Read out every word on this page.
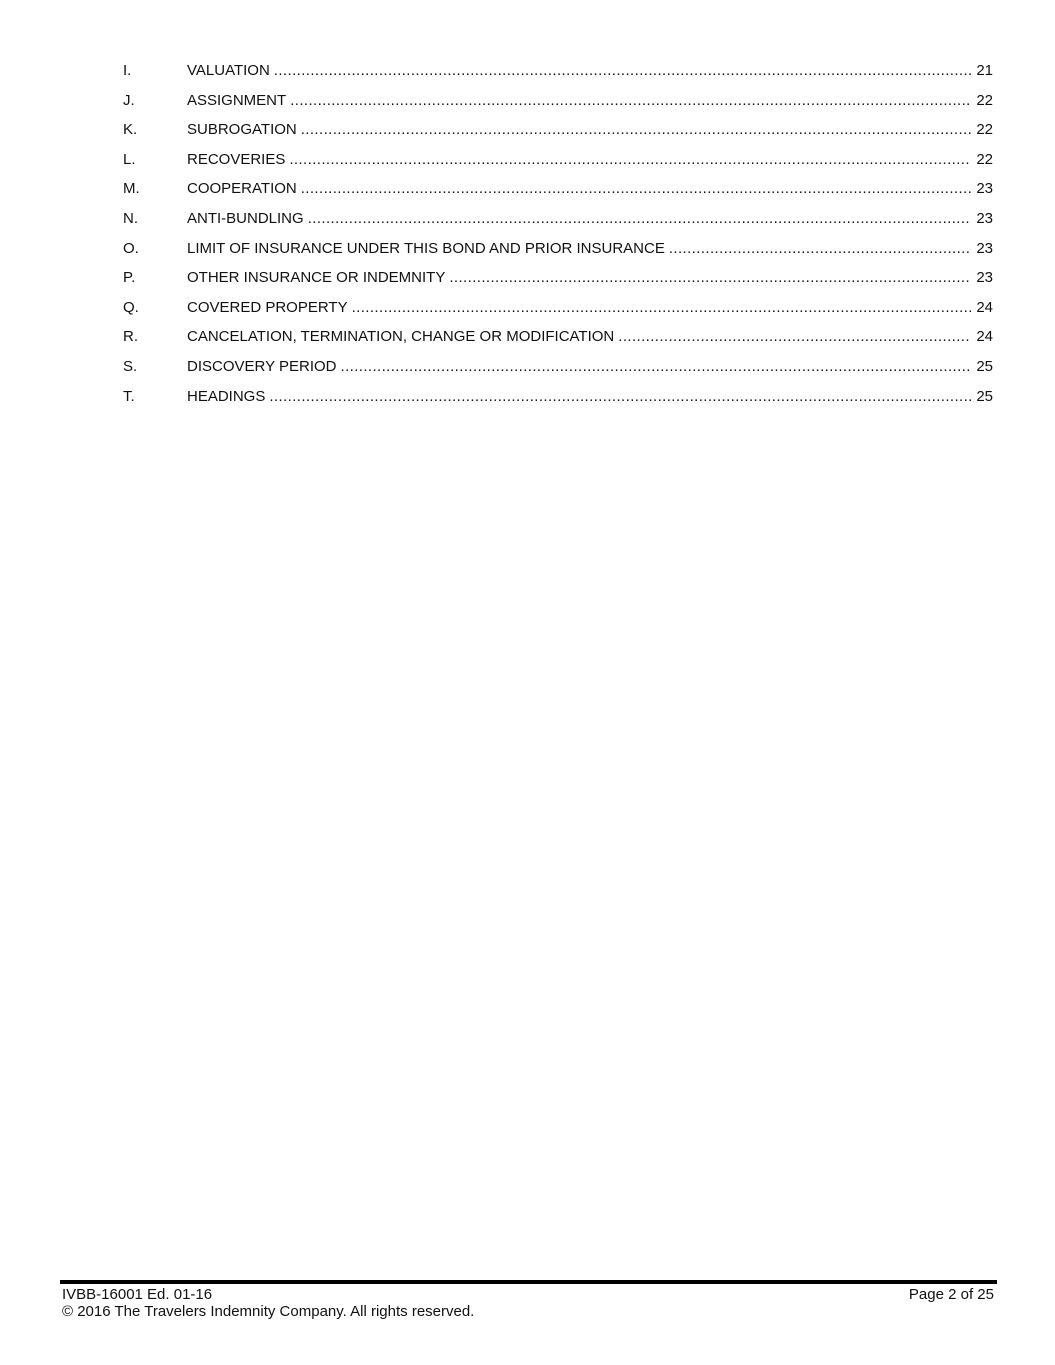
I.	VALUATION .....	21
J.	ASSIGNMENT .....	22
K.	SUBROGATION .....	22
L.	RECOVERIES .....	22
M.	COOPERATION .....	23
N.	ANTI-BUNDLING .....	23
O.	LIMIT OF INSURANCE UNDER THIS BOND AND PRIOR INSURANCE .....	23
P.	OTHER INSURANCE OR INDEMNITY .....	23
Q.	COVERED PROPERTY .....	24
R.	CANCELATION, TERMINATION, CHANGE OR MODIFICATION .....	24
S.	DISCOVERY PERIOD .....	25
T.	HEADINGS .....	25
IVBB-16001 Ed. 01-16	Page 2 of 25
© 2016 The Travelers Indemnity Company. All rights reserved.
